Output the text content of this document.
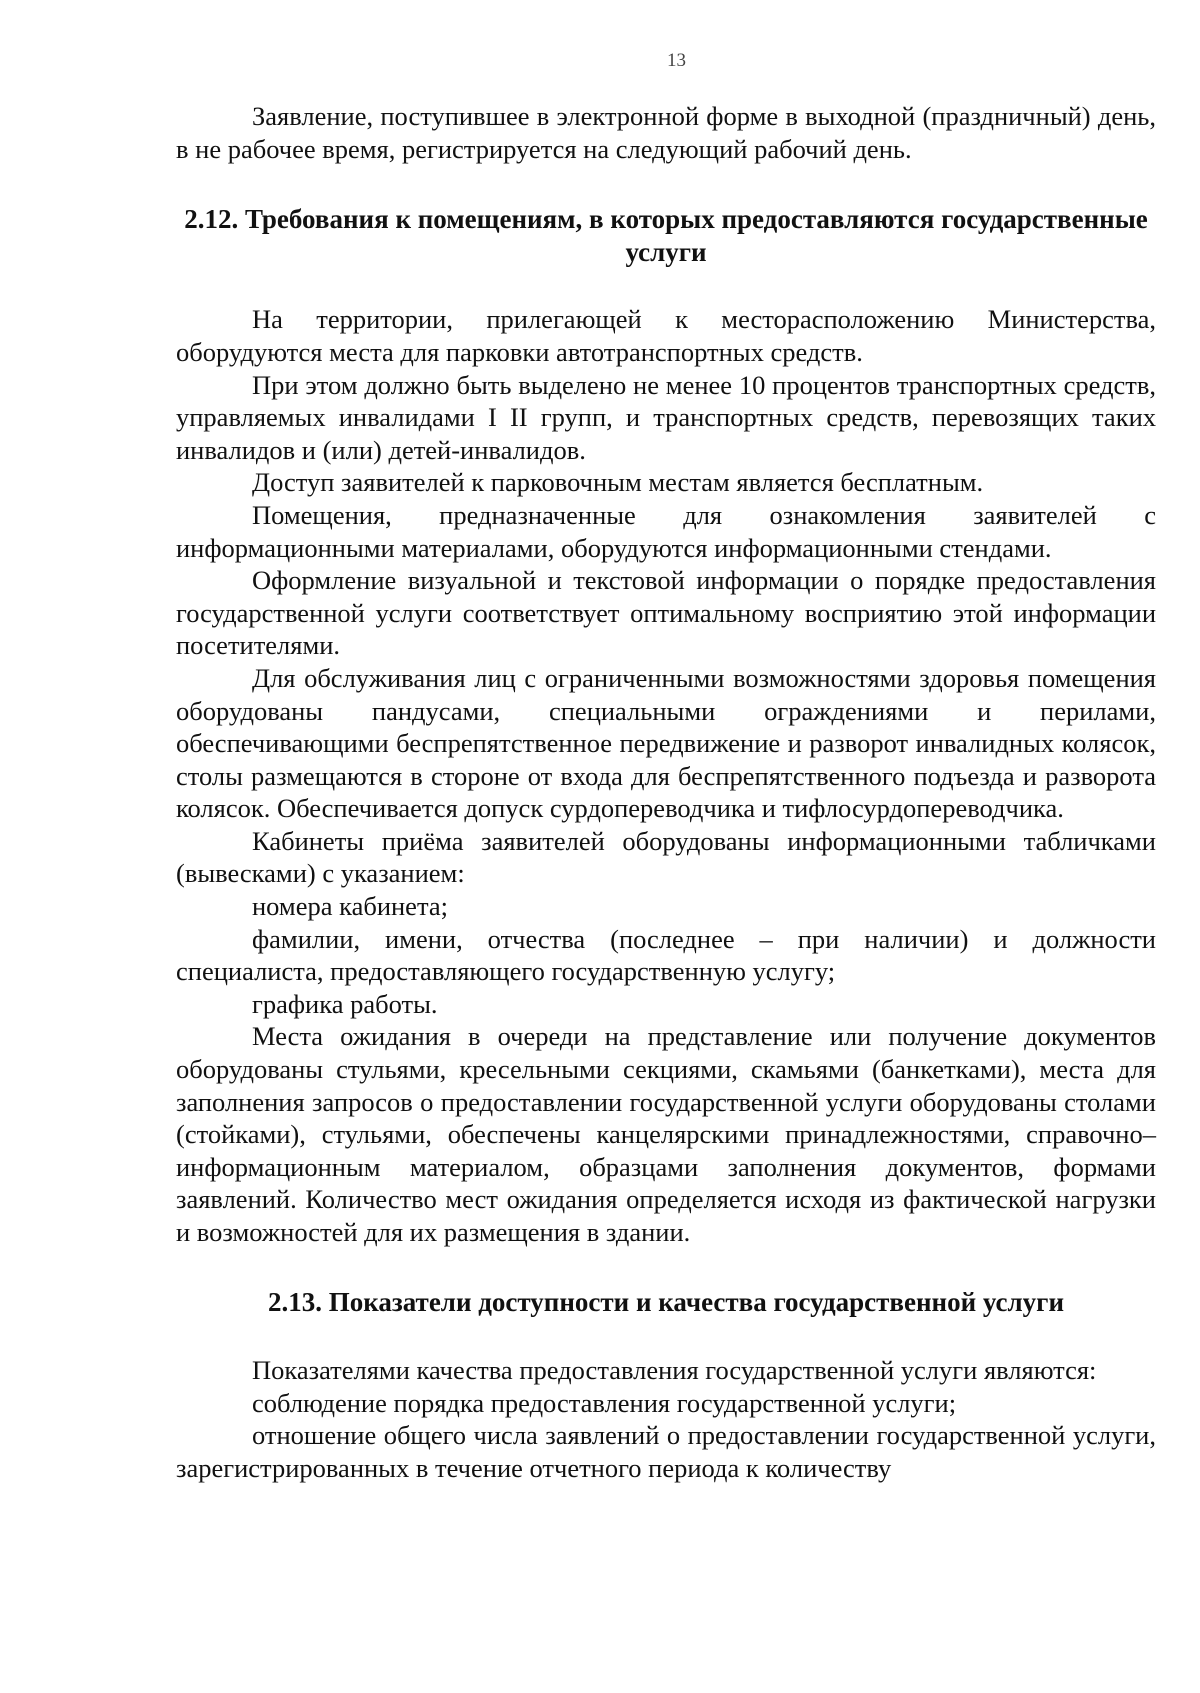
13

Заявление, поступившее в электронной форме в выходной (праздничный) день, в не рабочее время, регистрируется на следующий рабочий день.

2.12. Требования к помещениям, в которых предоставляются государственные услуги

На территории, прилегающей к месторасположению Министерства, оборудуются места для парковки автотранспортных средств.

При этом должно быть выделено не менее 10 процентов транспортных средств, управляемых инвалидами I II групп, и транспортных средств, перевозящих таких инвалидов и (или) детей-инвалидов.

Доступ заявителей к парковочным местам является бесплатным.

Помещения, предназначенные для ознакомления заявителей с информационными материалами, оборудуются информационными стендами.

Оформление визуальной и текстовой информации о порядке предоставления государственной услуги соответствует оптимальному восприятию этой информации посетителями.

Для обслуживания лиц с ограниченными возможностями здоровья помещения оборудованы пандусами, специальными ограждениями и перилами, обеспечивающими беспрепятственное передвижение и разворот инвалидных колясок, столы размещаются в стороне от входа для беспрепятственного подъезда и разворота колясок. Обеспечивается допуск сурдопереводчика и тифлосурдопереводчика.

Кабинеты приёма заявителей оборудованы информационными табличками (вывесками) с указанием:

номера кабинета;

фамилии, имени, отчества (последнее – при наличии) и должности специалиста, предоставляющего государственную услугу;

графика работы.

Места ожидания в очереди на представление или получение документов оборудованы стульями, кресельными секциями, скамьями (банкетками), места для заполнения запросов о предоставлении государственной услуги оборудованы столами (стойками), стульями, обеспечены канцелярскими принадлежностями, справочно–информационным материалом, образцами заполнения документов, формами заявлений. Количество мест ожидания определяется исходя из фактической нагрузки и возможностей для их размещения в здании.

2.13. Показатели доступности и качества государственной услуги

Показателями качества предоставления государственной услуги являются:

соблюдение порядка предоставления государственной услуги;

отношение общего числа заявлений о предоставлении государственной услуги, зарегистрированных в течение отчетного периода к количеству
